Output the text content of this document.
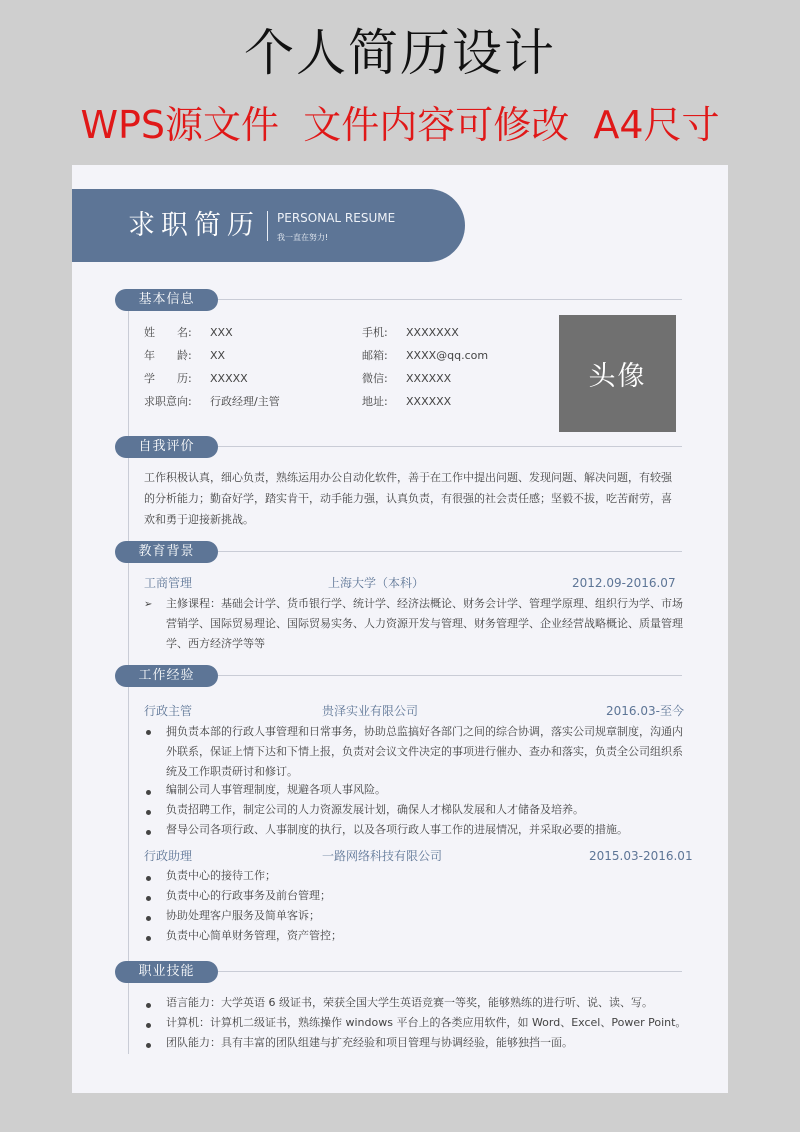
个人简历设计
WPS源文件  文件内容可修改  A4尺寸
求职简历 PERSONAL RESUME
我一直在努力!
基本信息
姓　　名: XXX
年　　龄: XX
学　　历: XXXXX
求职意向: 行政经理/主管
手机: XXXXXXX
邮箱: XXXX@qq.com
微信: XXXXXX
地址: XXXXXX
头像
自我评价
工作积极认真，细心负责，熟练运用办公自动化软件，善于在工作中提出问题、发现问题、解决问题，有较强的分析能力；勤奋好学，踏实肯干，动手能力强，认真负责，有很强的社会责任感；坚毅不拔，吃苦耐劳，喜欢和勇于迎接新挑战。
教育背景
工商管理	上海大学（本科）	2012.09-2016.07
➢ 主修课程：基础会计学、货币银行学、统计学、经济法概论、财务会计学、管理学原理、组织行为学、市场营销学、国际贸易理论、国际贸易实务、人力资源开发与管理、财务管理学、企业经营战略概论、质量管理学、西方经济学等等
工作经验
行政主管	贵泽实业有限公司	2016.03-至今
拥负责本部的行政人事管理和日常事务，协助总监搞好各部门之间的综合协调，落实公司规章制度，沟通内外联系，保证上情下达和下情上报，负责对会议文件决定的事项进行催办、查办和落实，负责全公司组织系统及工作职责研讨和修订。
编制公司人事管理制度，规避各项人事风险。
负责招聘工作，制定公司的人力资源发展计划，确保人才梯队发展和人才储备及培养。
督导公司各项行政、人事制度的执行，以及各项行政人事工作的进展情况，并采取必要的措施。
行政助理	一路网络科技有限公司	2015.03-2016.01
负责中心的接待工作；
负责中心的行政事务及前台管理；
协助处理客户服务及简单客诉；
负责中心简单财务管理，资产管控；
职业技能
语言能力：大学英语 6 级证书，荣获全国大学生英语竞赛一等奖，能够熟练的进行听、说、读、写。
计算机：计算机二级证书，熟练操作 windows 平台上的各类应用软件，如 Word、Excel、Power Point。
团队能力：具有丰富的团队组建与扩充经验和项目管理与协调经验，能够独挡一面。
